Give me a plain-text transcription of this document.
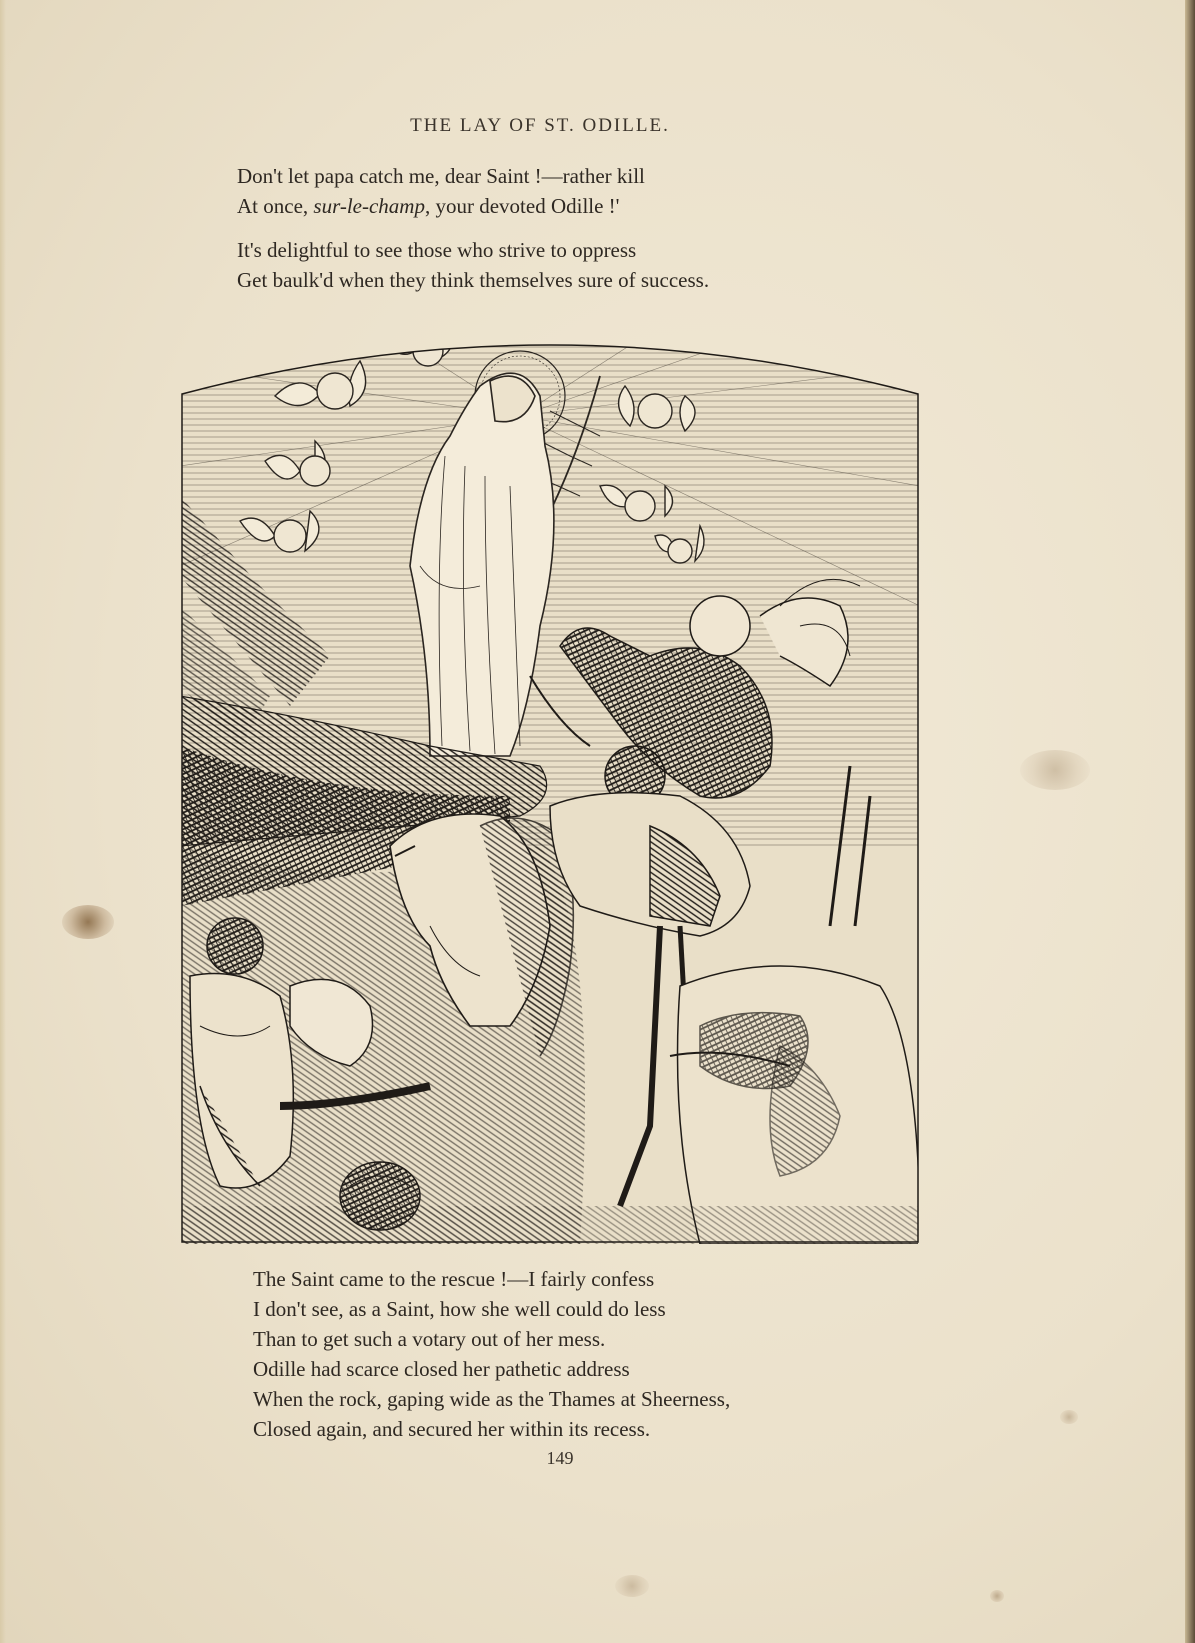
THE LAY OF ST. ODILLE.
Don't let papa catch me, dear Saint !—rather kill
At once, sur-le-champ, your devoted Odille !'
It's delightful to see those who strive to oppress
Get baulk'd when they think themselves sure of success.
The Saint came to the rescue !—I fairly confess
I don't see, as a Saint, how she well could do less
Than to get such a votary out of her mess.
Odille had scarce closed her pathetic address
When the rock, gaping wide as the Thames at Sheerness,
Closed again, and secured her within its recess.
149
